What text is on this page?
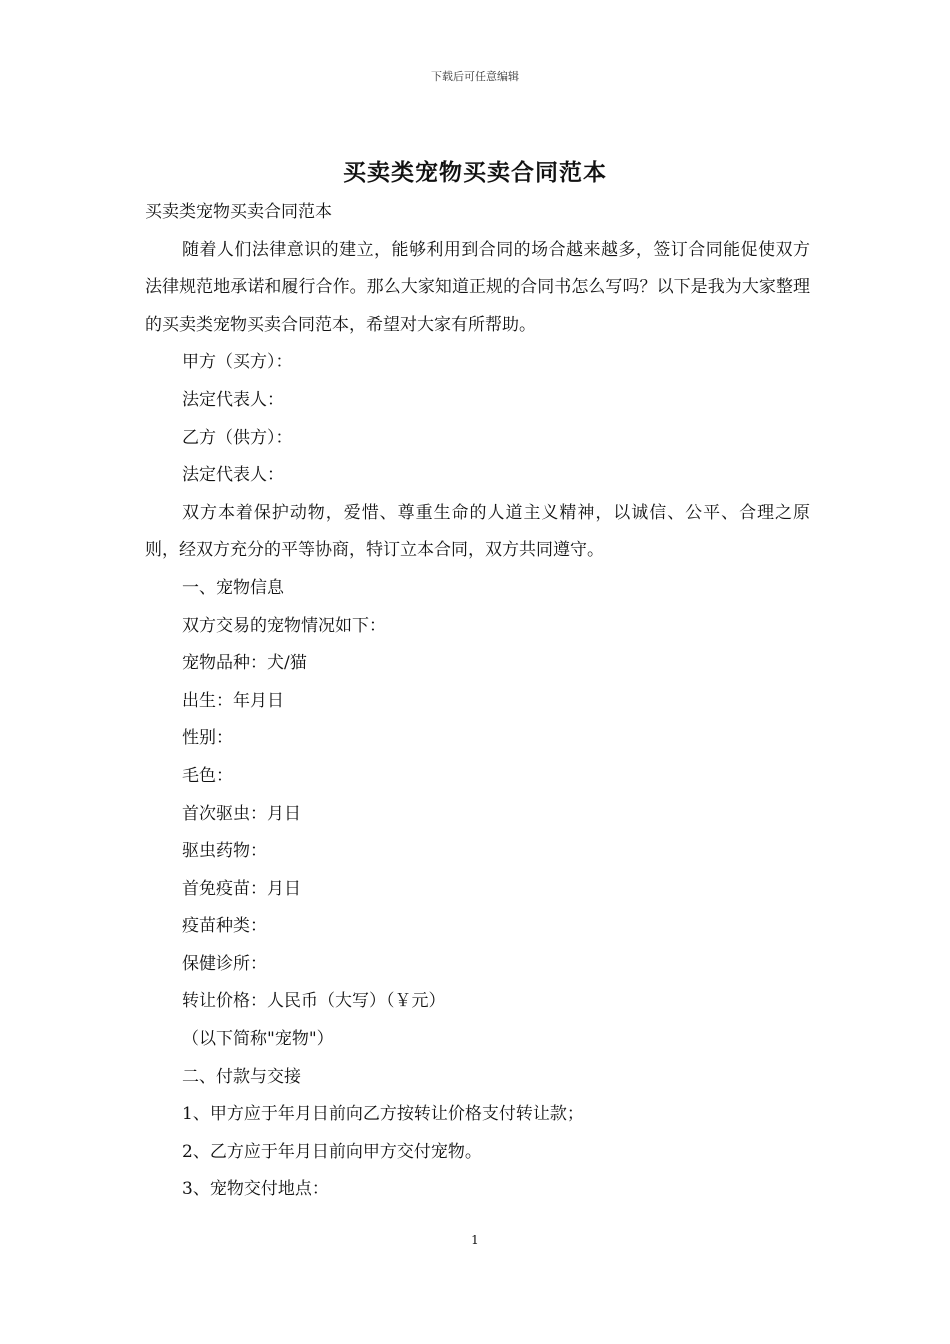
下载后可任意编辑
买卖类宠物买卖合同范本

买卖类宠物买卖合同范本

随着人们法律意识的建立，能够利用到合同的场合越来越多，签订合同能促使双方法律规范地承诺和履行合作。那么大家知道正规的合同书怎么写吗？以下是我为大家整理的买卖类宠物买卖合同范本，希望对大家有所帮助。

甲方（买方）：

法定代表人：

乙方（供方）：

法定代表人：

双方本着保护动物，爱惜、尊重生命的人道主义精神，以诚信、公平、合理之原则，经双方充分的平等协商，特订立本合同，双方共同遵守。

一、宠物信息

双方交易的宠物情况如下：

宠物品种：犬/猫

出生：年月日

性别：

毛色：

首次驱虫：月日

驱虫药物：

首免疫苗：月日

疫苗种类：

保健诊所：

转让价格：人民币（大写）（￥元）

（以下简称"宠物"）

二、付款与交接

1、甲方应于年月日前向乙方按转让价格支付转让款；

2、乙方应于年月日前向甲方交付宠物。

3、宠物交付地点：

1
